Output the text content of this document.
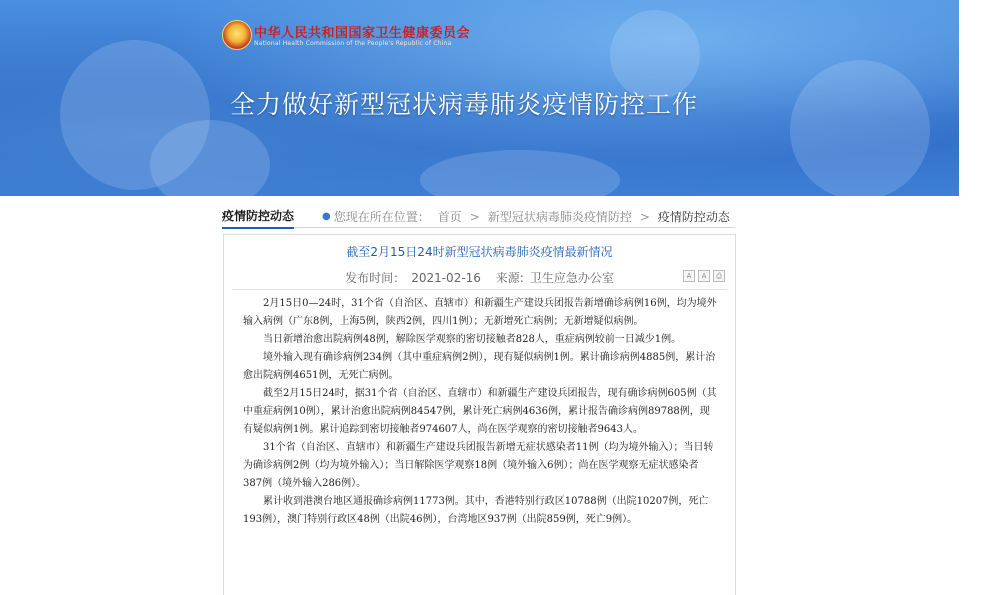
中华人民共和国国家卫生健康委员会
National Health Commission of the People's Republic of China
全力做好新型冠状病毒肺炎疫情防控工作
疫情防控动态	● 您现在所在位置： 首页 > 新型冠状病毒肺炎疫情防控 > 疫情防控动态
截至2月15日24时新型冠状病毒肺炎疫情最新情况
发布时间： 2021-02-16 来源: 卫生应急办公室	A	A	⎙

2月15日0—24时，31个省（自治区、直辖市）和新疆生产建设兵团报告新增确诊病例16例，均为境外输入病例（广东8例，上海5例，陕西2例，四川1例）；无新增死亡病例；无新增疑似病例。

当日新增治愈出院病例48例，解除医学观察的密切接触者828人，重症病例较前一日减少1例。

境外输入现有确诊病例234例（其中重症病例2例），现有疑似病例1例。累计确诊病例4885例，累计治愈出院病例4651例，无死亡病例。

截至2月15日24时，据31个省（自治区、直辖市）和新疆生产建设兵团报告，现有确诊病例605例（其中重症病例10例），累计治愈出院病例84547例，累计死亡病例4636例，累计报告确诊病例89788例，现有疑似病例1例。累计追踪到密切接触者974607人，尚在医学观察的密切接触者9643人。

31个省（自治区、直辖市）和新疆生产建设兵团报告新增无症状感染者11例（均为境外输入）；当日转为确诊病例2例（均为境外输入）；当日解除医学观察18例（境外输入6例）；尚在医学观察无症状感染者387例（境外输入286例）。

累计收到港澳台地区通报确诊病例11773例。其中，香港特别行政区10788例（出院10207例，死亡193例），澳门特别行政区48例（出院46例），台湾地区937例（出院859例，死亡9例）。
